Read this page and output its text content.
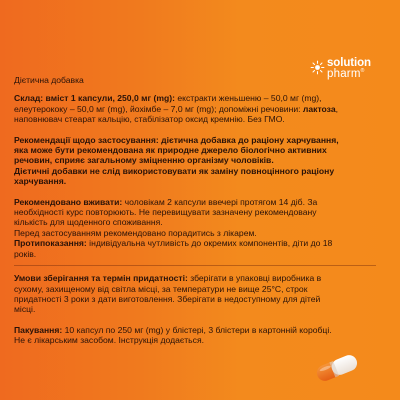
solution
pharm®

Дієтична добавка

Склад: вміст 1 капсули, 250,0 мг (mg): екстракти женьшеню – 50,0 мг (mg), елеутерококу – 50,0 мг (mg), йохімбе – 7,0 мг (mg); допоміжні речовини: лактоза, наповнювач стеарат кальцію, стабілізатор оксид кремнію. Без ГМО.

Рекомендації щодо застосування: дієтична добавка до раціону харчування, яка може бути рекомендована як природне джерело біологічно активних речовин, сприяє загальному зміцненню організму чоловіків.

Дієтичні добавки не слід використовувати як заміну повноцінного раціону харчування.

Рекомендовано вживати: чоловікам 2 капсули ввечері протягом 14 діб. За необхідності курс повторюють. Не перевищувати зазначену рекомендовану кількість для щоденного споживання.

Перед застосуванням рекомендовано порадитись з лікарем.

Протипоказання: індивідуальна чутливість до окремих компонентів, діти до 18 років.

Умови зберігання та термін придатності: зберігати в упаковці виробника в сухому, захищеному від світла місці, за температури не вище 25°С, строк придатності 3 роки з дати виготовлення. Зберігати в недоступному для дітей місці.

Пакування: 10 капсул по 250 мг (mg) у блістері, 3 блістери в картонній коробці. Не є лікарським засобом. Інструкція додається.
